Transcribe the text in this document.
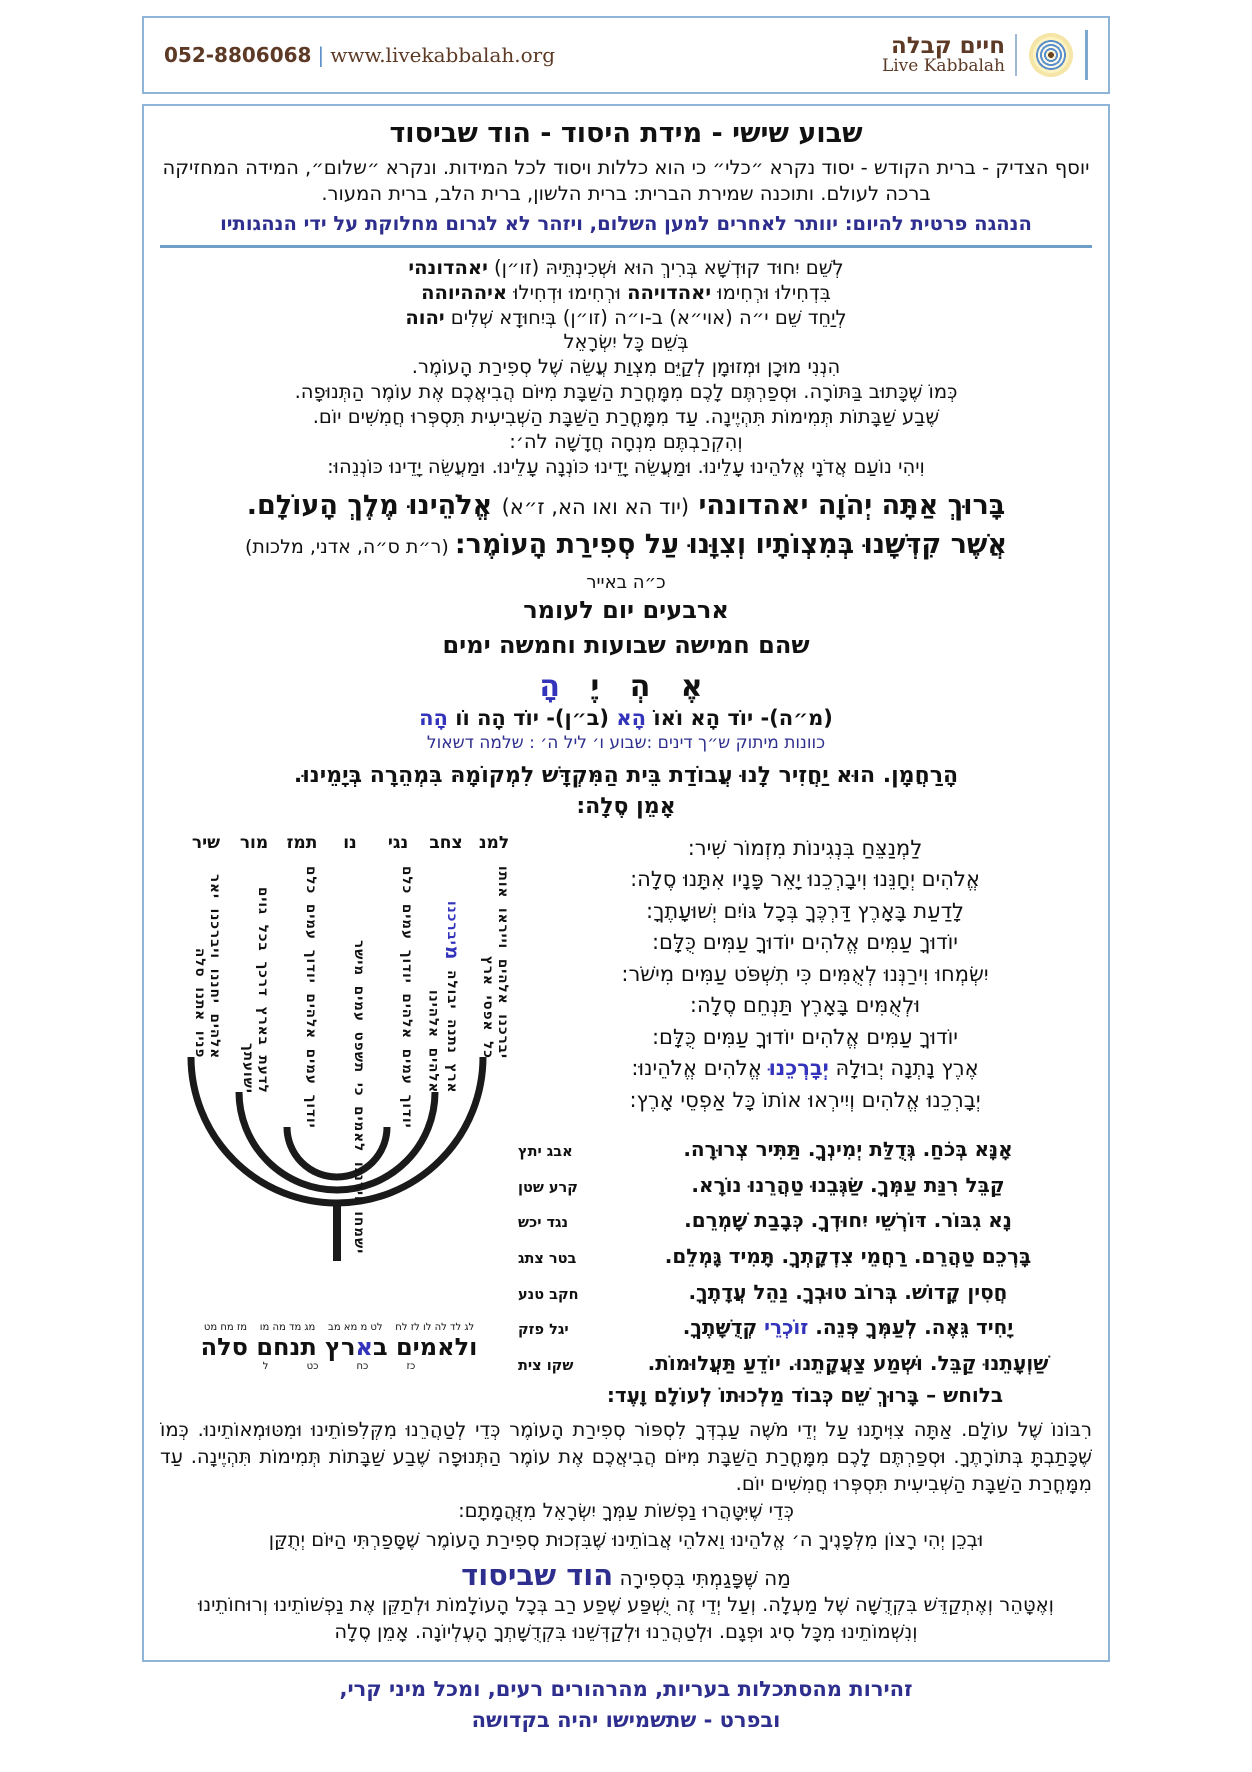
חיים קבלה
Live Kabbalah
052-8806068 | www.livekabbalah.org
שבוע שישי - מידת היסוד - הוד שביסוד
יוסף הצדיק - ברית הקודש - יסוד נקרא ״כלי״ כי הוא כללות ויסוד לכל המידות. ונקרא ״שלום״, המידה המחזיקה ברכה לעולם. ותוכנה שמירת הברית: ברית הלשון, ברית הלב, ברית המעור.
הנהגה פרטית להיום: יוותר לאחרים למען השלום, ויזהר לא לגרום מחלוקת על ידי הנהגותיו
לְשֵׁם יִחוּד קוּדְשָׁא בְּרִיךְ הוּא וּשְׁכִינְתֵּיהּ (זו״ן) יאהדונהי
בִּדְחִילוּ וּרְחִימוּ יאהדויהה וּרְחִימוּ וּדְחִילוּ איההיוהה
לְיַחֵד שֵׁם י״ה (אוי״א) ב-ו״ה (זו״ן) בְּיִחוּדָא שְׁלִים יהוה
בְּשֵׁם כָּל יִשְׂרָאֵל
הִנְנִי מוּכָן וּמְזוּמָן לְקַיֵּם מִצְוַת עֲשֵׂה שֶׁל סְפִירַת הָעוֹמֶר.
כְּמוֹ שֶׁכָּתוּב בַּתּוֹרָה. וּסְפַרְתֶּם לָכֶם מִמָּחֳרַת הַשַּׁבָּת מִיּוֹם הֲבִיאֲכֶם אֶת עוֹמֶר הַתְּנוּפָה.
שֶׁבַע שַׁבָּתוֹת תְּמִימוֹת תִּהְיֶינָה. עַד מִמָּחֳרַת הַשַּׁבָּת הַשְּׁבִיעִית תִּסְפְּרוּ חֲמִשִּׁים יוֹם.
וְהִקְרַבְתֶּם מִנְחָה חֲדָשָׁה לה׳:
וִיהִי נוֹעַם אֲדֹנָי אֱלֹהֵינוּ עָלֵינוּ. וּמַעֲשֵׂה יָדֵינוּ כּוֹנְנָה עָלֵינוּ. וּמַעֲשֵׂה יָדֵינוּ כּוֹנְנֵהוּ:
בָּרוּךְ אַתָּה יְהֹוָה יאהדונהי (יוד הא ואו הא, ז״א) אֱלֹהֵינוּ מֶלֶךְ הָעוֹלָם.
אֲשֶׁר קִדְּשָׁנוּ בְּמִצְוֹתָיו וְצִוָּנוּ עַל סְפִירַת הָעוֹמֶר: (ר״ת ס״ה, אדני, מלכות)
כ״ה באייר
ארבעים יום לעומר
שהם חמישה שבועות וחמשה ימים
אֶ הְ יֶ הָ
(מ״ה)- יוֹד הָא וֹאוֹ הָא (ב״ן)- יוֹד הָה וֹו הָה
כוונות מיתוק ש״ך דינים :שבוע ו׳ ליל ה׳ : שלמה דשאול
הָרַחֲמָן. הוּא יַחֲזִיר לָנוּ עֲבוֹדַת בֵּית הַמִּקְדָּשׁ לִמְקוֹמָהּ בִּמְהֵרָה בְּיָמֵינוּ.
אָמֵן סֶלָה:
לַמְנַצֵּחַ בִּנְגִינוֹת מִזְמוֹר שִׁיר:
אֱלֹהִים יְחָנֵּנוּ וִיבָרְכֵנוּ יָאֵר פָּנָיו אִתָּנוּ סֶלָה:
לָדַעַת בָּאָרֶץ דַּרְכֶּךָ בְּכָל גּוֹיִם יְשׁוּעָתֶךָ:
יוֹדוּךָ עַמִּים אֱלֹהִים יוֹדוּךָ עַמִּים כֻּלָּם:
יִשְׂמְחוּ וִירַנְּנוּ לְאֻמִּים כִּי תִשְׁפֹּט עַמִּים מִישֹׁר:
וּלְאֻמִּים בָּאָרֶץ תַּנְחֵם סֶלָה:
יוֹדוּךָ עַמִּים אֱלֹהִים יוֹדוּךָ עַמִּים כֻּלָּם:
אֶרֶץ נָתְנָה יְבוּלָהּ יְבָרְכֵנוּ אֱלֹהִים אֱלֹהֵינוּ:
יְבָרְכֵנוּ אֱלֹהִים וְיִירְאוּ אוֹתוֹ כָּל אַפְסֵי אָרֶץ:
אָנָּא בְּכֹחַ. גְּדֻלַּת יְמִינְךָ. תַּתִּיר צְרוּרָה.
אבג יתץ
קַבֵּל רִנַּת עַמְּךָ. שַׂגְּבֵנוּ טַהֲרֵנוּ נוֹרָא.
קרע שטן
נָא גִבּוֹר. דּוֹרְשֵׁי יִחוּדְךָ. כְּבָבַת שָׁמְרֵם.
נגד יכש
בָּרְכֵם טַהֲרֵם. רַחֲמֵי צִדְקָתְךָ. תָּמִיד גָּמְלֵם.
בטר צתג
חֲסִין קָדוֹשׁ. בְּרוֹב טוּבְךָ. נַהֵל עֲדָתֶךָ.
חקב טנע
יָחִיד גֵּאֶה. לְעַמְּךָ פְּנֵה. זוֹכְרֵי קְדֻשָּׁתֶךָ.
יגל פזק
שַׁוְעָתֵנוּ קַבֵּל. וּשְׁמַע צַעֲקָתֵנוּ. יוֹדֵעַ תַּעֲלוּמוֹת.
שקו צית
בלוחש – בָּרוּךְ שֵׁם כְּבוֹד מַלְכוּתוֹ לְעוֹלָם וָעֶד:
למנ
צחב
נגי
נו
תמז
מור
שיר
יברכנו אלהים וייראו אותו כל אפסי ארץ
ארץ נתנה יבולה מיברכנו אלהים אלהינו
יודוך עמים אלהים יודוך עמים כלם
ישמחו וירננו לאמים כי תשפט עמים מישר
יודוך עמים אלהים יודוך עמים כלם
לדעת בארץ דרכך בכל גוים ישועתך
אלהים יחננו ויברכנו יאר פניו אתנו סלה
לג לד לה לו לז לח    לט מ מא מב    מג מד מה מו    מז מח מט
ולאמים בארץ תנחם סלה
כז            כח            כט            ל
רִבּוֹנוֹ שֶׁל עוֹלָם. אַתָּה צִוִּיתָנוּ עַל יְדֵי מֹשֶׁה עַבְדְּךָ לִסְפּוֹר סְפִירַת הָעוֹמֶר כְּדֵי לְטַהֲרֵנוּ מִקְּלִפּוֹתֵינוּ וּמִטּוּמְאוֹתֵינוּ. כְּמוֹ שֶׁכָּתַבְתָּ בְּתוֹרָתֶךָ. וּסְפַרְתֶּם לָכֶם מִמָּחֳרַת הַשַּׁבָּת מִיּוֹם הֲבִיאֲכֶם אֶת עוֹמֶר הַתְּנוּפָה שֶׁבַע שַׁבָּתוֹת תְּמִימוֹת תִּהְיֶינָה. עַד מִמָּחֳרַת הַשַּׁבָּת הַשְּׁבִיעִית תִּסְפְּרוּ חֲמִשִּׁים יוֹם.
כְּדֵי שֶׁיִּטָּהֲרוּ נַפְשׁוֹת עַמְּךָ יִשְׂרָאֵל מִזֻּהֲמָתָם:
וּבְכֵן יְהִי רָצוֹן מִלְּפָנֶיךָ ה׳ אֱלֹהֵינוּ וֵאלֹהֵי אֲבוֹתֵינוּ שֶׁבִּזְכוּת סְפִירַת הָעוֹמֶר שֶׁסָּפַרְתִּי הַיּוֹם יְתֻקַּן
מַה שֶּׁפָּגַמְתִּי בִּסְפִירָה הוד שביסוד
וְאֶטָּהֵר וְאֶתְקַדֵּשׁ בִּקְדֻשָּׁה שֶׁל מַעְלָה. וְעַל יְדֵי זֶה יֻשְׁפַּע שֶׁפַע רַב בְּכָל הָעוֹלָמוֹת וּלְתַקֵּן אֶת נַפְשׁוֹתֵינוּ וְרוּחוֹתֵינוּ וְנִשְׁמוֹתֵינוּ מִכָּל סִיג וּפְגָם. וּלְטַהֲרֵנוּ וּלְקַדְּשֵׁנוּ בִּקְדֻשָּׁתְךָ הָעֶלְיוֹנָה. אָמֵן סֶלָה
זהירות מהסתכלות בעריות, מהרהורים רעים, ומכל מיני קרי,
ובפרט - שתשמישו יהיה בקדושה
